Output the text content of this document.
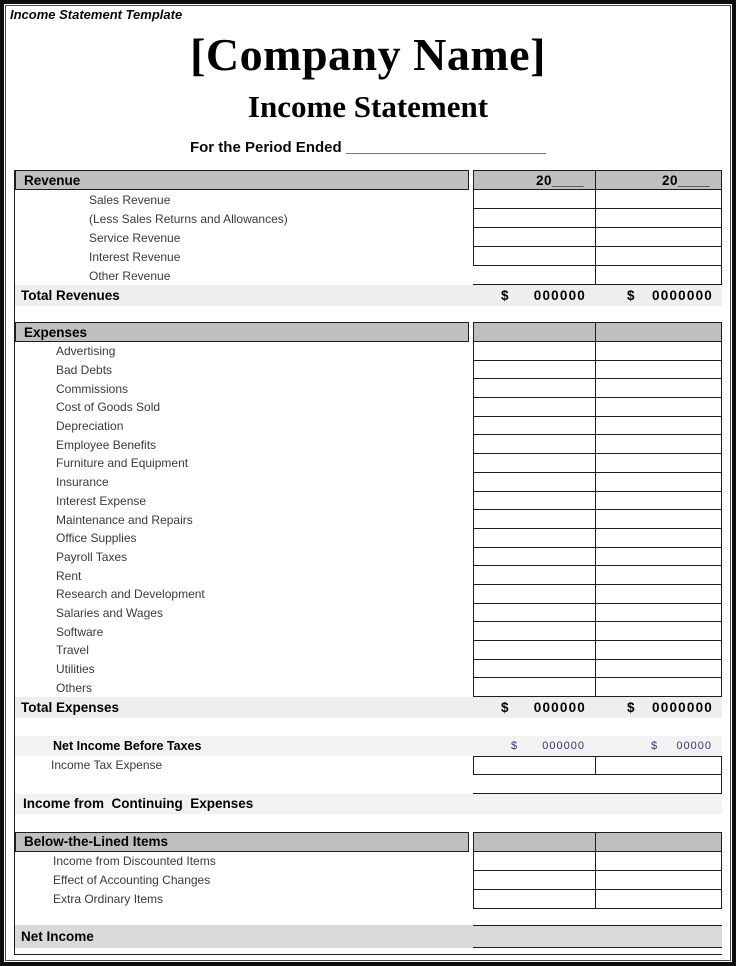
Income Statement Template
[Company Name]
Income Statement
For the Period Ended ________________________
Revenue	20____	20____
Sales Revenue
(Less Sales Returns and Allowances)
Service Revenue
Interest Revenue
Other Revenue
Total Revenues	$ 000000	$ 0000000
Expenses
Advertising
Bad Debts
Commissions
Cost of Goods Sold
Depreciation
Employee Benefits
Furniture and Equipment
Insurance
Interest Expense
Maintenance and Repairs
Office Supplies
Payroll Taxes
Rent
Research and Development
Salaries and Wages
Software
Travel
Utilities
Others
Total Expenses	$ 000000	$ 0000000
Net Income Before Taxes	$ 000000	$ 00000
Income Tax Expense
Income from  Continuing  Expenses
Below-the-Lined Items
Income from Discounted Items
Effect of Accounting Changes
Extra Ordinary Items
Net Income
